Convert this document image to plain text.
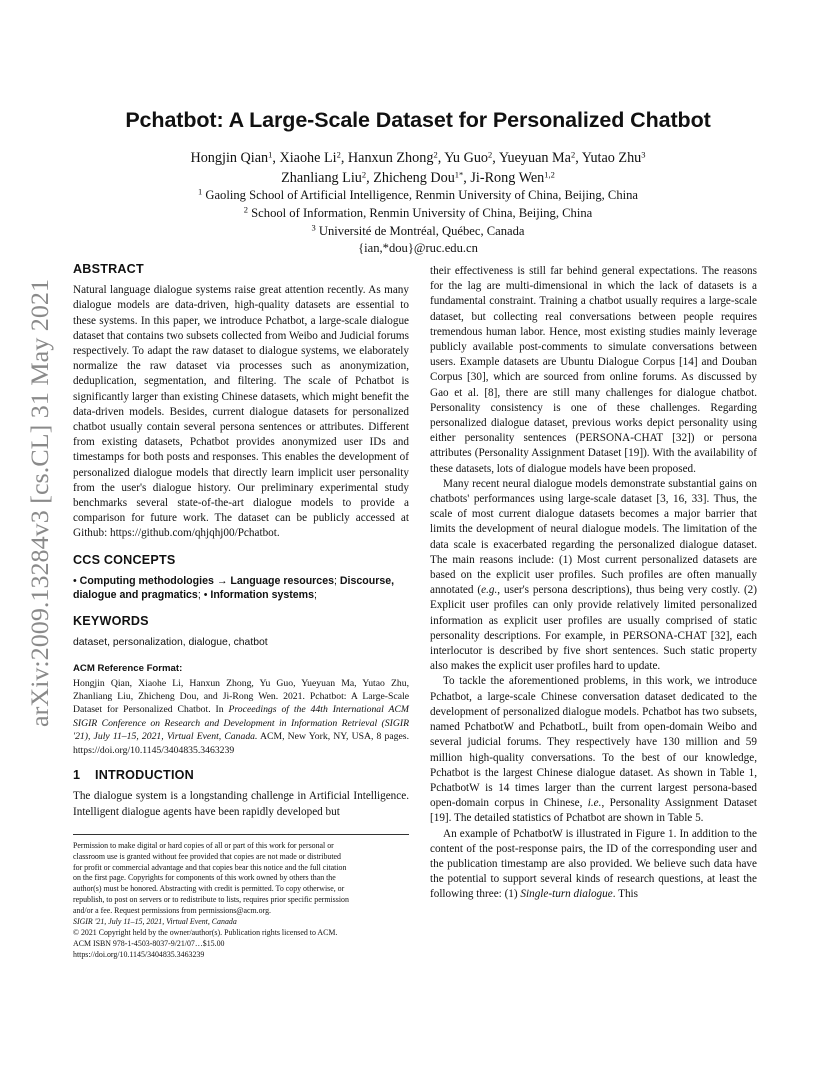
arXiv:2009.13284v3 [cs.CL] 31 May 2021
Pchatbot: A Large-Scale Dataset for Personalized Chatbot
Hongjin Qian$^1$, Xiaohe Li$^2$, Hanxun Zhong$^2$, Yu Guo$^2$, Yueyuan Ma$^2$, Yutao Zhu$^3$
Zhanliang Liu$^2$, Zhicheng Dou$^{1*}$, Ji-Rong Wen$^{1,2}$
$^1$ Gaoling School of Artificial Intelligence, Renmin University of China, Beijing, China
$^2$ School of Information, Renmin University of China, Beijing, China
$^3$ Université de Montréal, Québec, Canada
{ian,*dou}@ruc.edu.cn
ABSTRACT

Natural language dialogue systems raise great attention recently. As many dialogue models are data-driven, high-quality datasets are essential to these systems. In this paper, we introduce Pchatbot, a large-scale dialogue dataset that contains two subsets collected from Weibo and Judicial forums respectively. To adapt the raw dataset to dialogue systems, we elaborately normalize the raw dataset via processes such as anonymization, deduplication, segmentation, and filtering. The scale of Pchatbot is significantly larger than existing Chinese datasets, which might benefit the data-driven models. Besides, current dialogue datasets for personalized chatbot usually contain several persona sentences or attributes. Different from existing datasets, Pchatbot provides anonymized user IDs and timestamps for both posts and responses. This enables the development of personalized dialogue models that directly learn implicit user personality from the user's dialogue history. Our preliminary experimental study benchmarks several state-of-the-art dialogue models to provide a comparison for future work. The dataset can be publicly accessed at Github: https://github.com/qhjqhj00/Pchatbot.

CCS CONCEPTS
• Computing methodologies → Language resources; Discourse, dialogue and pragmatics; • Information systems;
KEYWORDS

dataset, personalization, dialogue, chatbot

ACM Reference Format:

Hongjin Qian, Xiaohe Li, Hanxun Zhong, Yu Guo, Yueyuan Ma, Yutao Zhu, Zhanliang Liu, Zhicheng Dou, and Ji-Rong Wen. 2021. Pchatbot: A Large-Scale Dataset for Personalized Chatbot. In Proceedings of the 44th International ACM SIGIR Conference on Research and Development in Information Retrieval (SIGIR '21), July 11–15, 2021, Virtual Event, Canada. ACM, New York, NY, USA, 8 pages. https://doi.org/10.1145/3404835.3463239

1    INTRODUCTION

The dialogue system is a longstanding challenge in Artificial Intelligence. Intelligent dialogue agents have been rapidly developed but

Permission to make digital or hard copies of all or part of this work for personal or
classroom use is granted without fee provided that copies are not made or distributed
for profit or commercial advantage and that copies bear this notice and the full citation
on the first page. Copyrights for components of this work owned by others than the
author(s) must be honored. Abstracting with credit is permitted. To copy otherwise, or
republish, to post on servers or to redistribute to lists, requires prior specific permission
and/or a fee. Request permissions from permissions@acm.org.
SIGIR '21, July 11–15, 2021, Virtual Event, Canada
© 2021 Copyright held by the owner/author(s). Publication rights licensed to ACM.
ACM ISBN 978-1-4503-8037-9/21/07…$15.00
https://doi.org/10.1145/3404835.3463239

their effectiveness is still far behind general expectations. The reasons for the lag are multi-dimensional in which the lack of datasets is a fundamental constraint. Training a chatbot usually requires a large-scale dataset, but collecting real conversations between people requires tremendous human labor. Hence, most existing studies mainly leverage publicly available post-comments to simulate conversations between users. Example datasets are Ubuntu Dialogue Corpus [14] and Douban Corpus [30], which are sourced from online forums. As discussed by Gao et al. [8], there are still many challenges for dialogue chatbot. Personality consistency is one of these challenges. Regarding personalized dialogue dataset, previous works depict personality using either personality sentences (PERSONA-CHAT [32]) or persona attributes (Personality Assignment Dataset [19]). With the availability of these datasets, lots of dialogue models have been proposed.

Many recent neural dialogue models demonstrate substantial gains on chatbots' performances using large-scale dataset [3, 16, 33]. Thus, the scale of most current dialogue datasets becomes a major barrier that limits the development of neural dialogue models. The limitation of the data scale is exacerbated regarding the personalized dialogue dataset. The main reasons include: (1) Most current personalized datasets are based on the explicit user profiles. Such profiles are often manually annotated (e.g., user's persona descriptions), thus being very costly. (2) Explicit user profiles can only provide relatively limited personalized information as explicit user profiles are usually comprised of static personality descriptions. For example, in PERSONA-CHAT [32], each interlocutor is described by five short sentences. Such static property also makes the explicit user profiles hard to update.

To tackle the aforementioned problems, in this work, we introduce Pchatbot, a large-scale Chinese conversation dataset dedicated to the development of personalized dialogue models. Pchatbot has two subsets, named PchatbotW and PchatbotL, built from open-domain Weibo and several judicial forums. They respectively have 130 million and 59 million high-quality conversations. To the best of our knowledge, Pchatbot is the largest Chinese dialogue dataset. As shown in Table 1, PchatbotW is 14 times larger than the current largest persona-based open-domain corpus in Chinese, i.e., Personality Assignment Dataset [19]. The detailed statistics of Pchatbot are shown in Table 5.

An example of PchatbotW is illustrated in Figure 1. In addition to the content of the post-response pairs, the ID of the corresponding user and the publication timestamp are also provided. We believe such data have the potential to support several kinds of research questions, at least the following three: (1) Single-turn dialogue. This
